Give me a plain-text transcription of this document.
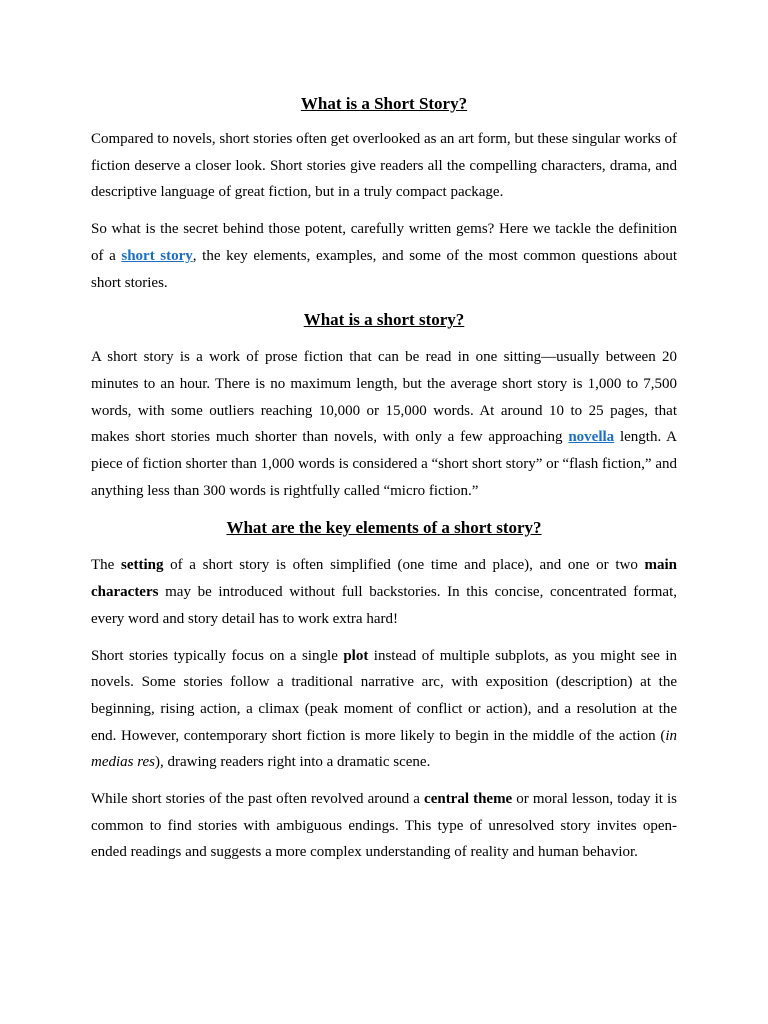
What is a Short Story?

Compared to novels, short stories often get overlooked as an art form, but these singular works of fiction deserve a closer look. Short stories give readers all the compelling characters, drama, and descriptive language of great fiction, but in a truly compact package.

So what is the secret behind those potent, carefully written gems? Here we tackle the definition of a short story, the key elements, examples, and some of the most common questions about short stories.

What is a short story?

A short story is a work of prose fiction that can be read in one sitting—usually between 20 minutes to an hour. There is no maximum length, but the average short story is 1,000 to 7,500 words, with some outliers reaching 10,000 or 15,000 words. At around 10 to 25 pages, that makes short stories much shorter than novels, with only a few approaching novella length. A piece of fiction shorter than 1,000 words is considered a “short short story” or “flash fiction,” and anything less than 300 words is rightfully called “micro fiction.”

What are the key elements of a short story?

The setting of a short story is often simplified (one time and place), and one or two main characters may be introduced without full backstories. In this concise, concentrated format, every word and story detail has to work extra hard!

Short stories typically focus on a single plot instead of multiple subplots, as you might see in novels. Some stories follow a traditional narrative arc, with exposition (description) at the beginning, rising action, a climax (peak moment of conflict or action), and a resolution at the end. However, contemporary short fiction is more likely to begin in the middle of the action (in medias res), drawing readers right into a dramatic scene.

While short stories of the past often revolved around a central theme or moral lesson, today it is common to find stories with ambiguous endings. This type of unresolved story invites open-ended readings and suggests a more complex understanding of reality and human behavior.
